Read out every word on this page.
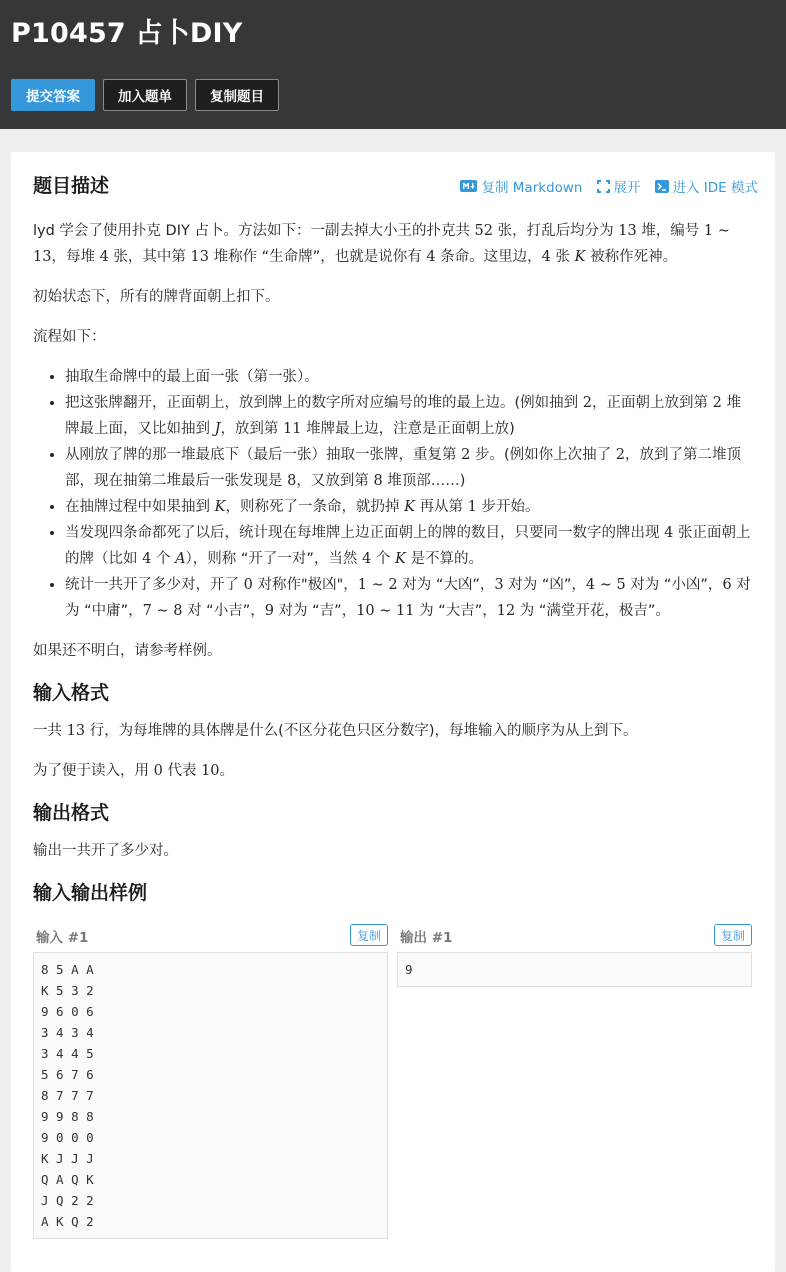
P10457 占卜DIY
提交答案	加入题单	复制题目
题目描述	复制 Markdown 展开 进入 IDE 模式

lyd 学会了使用扑克 DIY 占卜。方法如下：一副去掉大小王的扑克共 52 张，打乱后均分为 13 堆，编号 1 ∼ 13，每堆 4 张，其中第 13 堆称作 “生命牌”，也就是说你有 4 条命。这里边，4 张 K 被称作死神。

初始状态下，所有的牌背面朝上扣下。

流程如下：

• 抽取生命牌中的最上面一张（第一张）。
• 把这张牌翻开，正面朝上，放到牌上的数字所对应编号的堆的最上边。(例如抽到 2，正面朝上放到第 2 堆牌最上面，又比如抽到 J，放到第 11 堆牌最上边，注意是正面朝上放)
• 从刚放了牌的那一堆最底下（最后一张）抽取一张牌，重复第 2 步。(例如你上次抽了 2，放到了第二堆顶部，现在抽第二堆最后一张发现是 8，又放到第 8 堆顶部……)
• 在抽牌过程中如果抽到 K，则称死了一条命，就扔掉 K 再从第 1 步开始。
• 当发现四条命都死了以后，统计现在每堆牌上边正面朝上的牌的数目，只要同一数字的牌出现 4 张正面朝上的牌（比如 4 个 A），则称 “开了一对”，当然 4 个 K 是不算的。
• 统计一共开了多少对，开了 0 对称作"极凶"，1 ∼ 2 对为 “大凶”，3 对为 “凶”，4 ∼ 5 对为 “小凶”，6 对为 “中庸”，7 ∼ 8 对 “小吉”，9 对为 “吉”，10 ∼ 11 为 “大吉”，12 为 “满堂开花，极吉”。

如果还不明白，请参考样例。

输入格式

一共 13 行，为每堆牌的具体牌是什么(不区分花色只区分数字)，每堆输入的顺序为从上到下。

为了便于读入，用 0 代表 10。

输出格式

输出一共开了多少对。

输入输出样例
输入 #1	复制
8 5 A A
K 5 3 2
9 6 0 6
3 4 3 4
3 4 4 5
5 6 7 6
8 7 7 7
9 9 8 8
9 0 0 0
K J J J
Q A Q K
J Q 2 2
A K Q 2
输出 #1	复制
9
